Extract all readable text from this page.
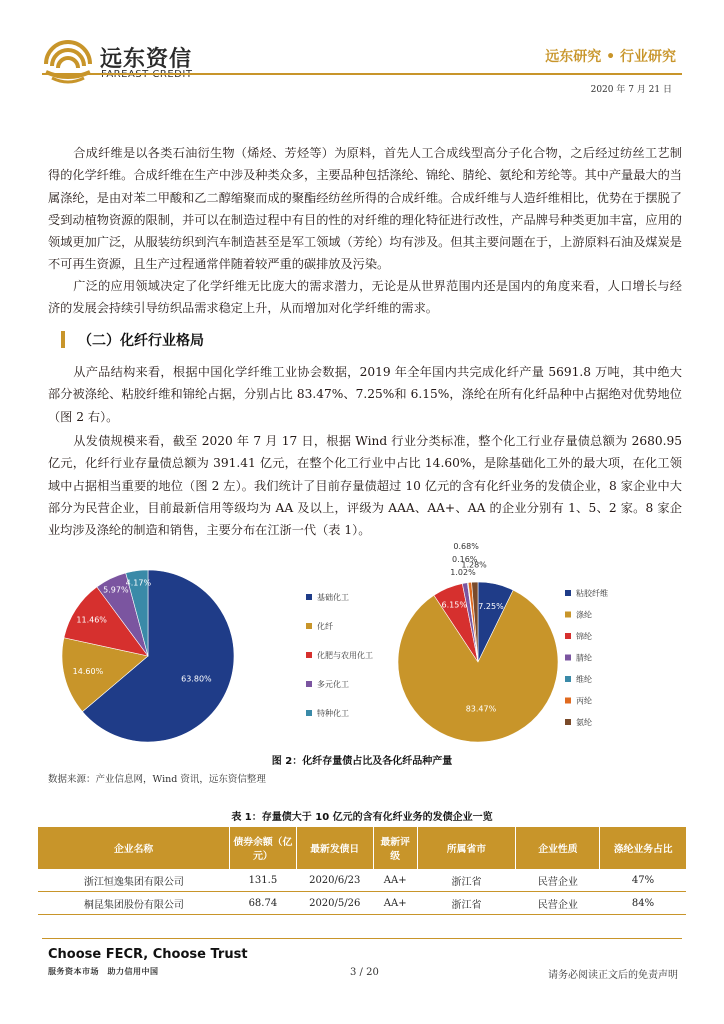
远东资信	远东研究 • 行业研究
2020 年 7 月 21 日

合成纤维是以各类石油衍生物（烯烃、芳烃等）为原料，首先人工合成线型高分子化合物，之后经过纺丝工艺制得的化学纤维。合成纤维在生产中涉及种类众多，主要品种包括涤纶、锦纶、腈纶、氨纶和芳纶等。其中产量最大的当属涤纶，是由对苯二甲酸和乙二醇缩聚而成的聚酯经纺丝所得的合成纤维。合成纤维与人造纤维相比，优势在于摆脱了受到动植物资源的限制，并可以在制造过程中有目的性的对纤维的理化特征进行改性，产品牌号种类更加丰富，应用的领域更加广泛，从服装纺织到汽车制造甚至是军工领域（芳纶）均有涉及。但其主要问题在于，上游原料石油及煤炭是不可再生资源，且生产过程通常伴随着较严重的碳排放及污染。

广泛的应用领域决定了化学纤维无比庞大的需求潜力，无论是从世界范围内还是国内的角度来看，人口增长与经济的发展会持续引导纺织品需求稳定上升，从而增加对化学纤维的需求。

（二）化纤行业格局

从产品结构来看，根据中国化学纤维工业协会数据，2019 年全年国内共完成化纤产量 5691.8 万吨，其中绝大部分被涤纶、粘胶纤维和锦纶占据，分别占比 83.47%、7.25%和 6.15%，涤纶在所有化纤品种中占据绝对优势地位（图 2 右）。

从发债规模来看，截至 2020 年 7 月 17 日，根据 Wind 行业分类标准，整个化工行业存量债总额为 2680.95 亿元，化纤行业存量债总额为 391.41 亿元，在整个化工行业中占比 14.60%，是除基础化工外的最大项，在化工领域中占据相当重要的地位（图 2 左）。我们统计了目前存量债超过 10 亿元的含有化纤业务的发债企业，8 家企业中大部分为民营企业，目前最新信用等级均为 AA 及以上，评级为 AAA、AA+、AA 的企业分别有 1、5、2 家。8 家企业均涉及涤纶的制造和销售，主要分布在江浙一代（表 1）。

63.80%
基础化工
14.60%
化纤
11.46%
化肥与农用化工
5.97%
多元化工
4.17%
特种化工
7.25%
粘胶纤维
83.47%
涤纶
6.15%
锦纶
1.02%
腈纶
0.16%
维纶
0.68%
丙纶
1.28%
氨纶
图 2：化纤存量债占比及各化纤品种产量
数据来源：产业信息网，Wind 资讯，远东资信整理
表 1：存量债大于 10 亿元的含有化纤业务的发债企业一览
企业名称	债券余额（亿元）	最新发债日	最新评级	所属省市	企业性质	涤纶业务占比
浙江恒逸集团有限公司	131.5	2020/6/23	AA+	浙江省	民营企业	47%
桐昆集团股份有限公司	68.74	2020/5/26	AA+	浙江省	民营企业	84%
Choose FECR, Choose Trust
服务资本市场　助力信用中国	3 / 20	请务必阅读正文后的免责声明
